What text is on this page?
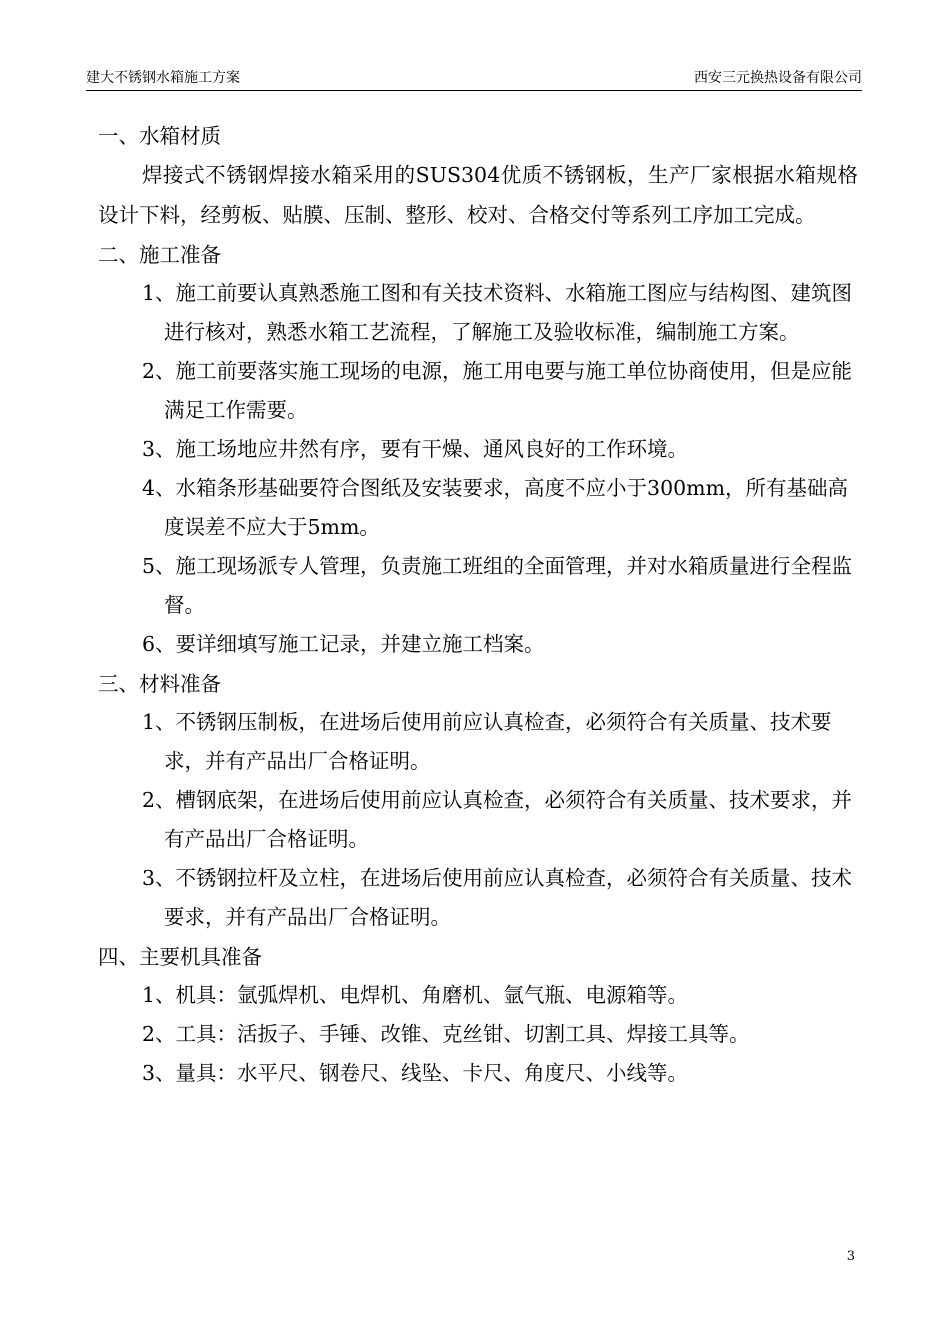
建大不锈钢水箱施工方案	西安三元换热设备有限公司
一、水箱材质
焊接式不锈钢焊接水箱采用的SUS304优质不锈钢板，生产厂家根据水箱规格设计下料，经剪板、贴膜、压制、整形、校对、合格交付等系列工序加工完成。
二、施工准备
1、施工前要认真熟悉施工图和有关技术资料、水箱施工图应与结构图、建筑图进行核对，熟悉水箱工艺流程，了解施工及验收标准，编制施工方案。
2、施工前要落实施工现场的电源，施工用电要与施工单位协商使用，但是应能满足工作需要。
3、施工场地应井然有序，要有干燥、通风良好的工作环境。
4、水箱条形基础要符合图纸及安装要求，高度不应小于300mm，所有基础高度误差不应大于5mm。
5、施工现场派专人管理，负责施工班组的全面管理，并对水箱质量进行全程监督。
6、要详细填写施工记录，并建立施工档案。
三、材料准备
1、不锈钢压制板，在进场后使用前应认真检查，必须符合有关质量、技术要求，并有产品出厂合格证明。
2、槽钢底架，在进场后使用前应认真检查，必须符合有关质量、技术要求，并有产品出厂合格证明。
3、不锈钢拉杆及立柱，在进场后使用前应认真检查，必须符合有关质量、技术要求，并有产品出厂合格证明。
四、主要机具准备
1、机具：氩弧焊机、电焊机、角磨机、氩气瓶、电源箱等。
2、工具：活扳子、手锤、改锥、克丝钳、切割工具、焊接工具等。
3、量具：水平尺、钢卷尺、线坠、卡尺、角度尺、小线等。
3
